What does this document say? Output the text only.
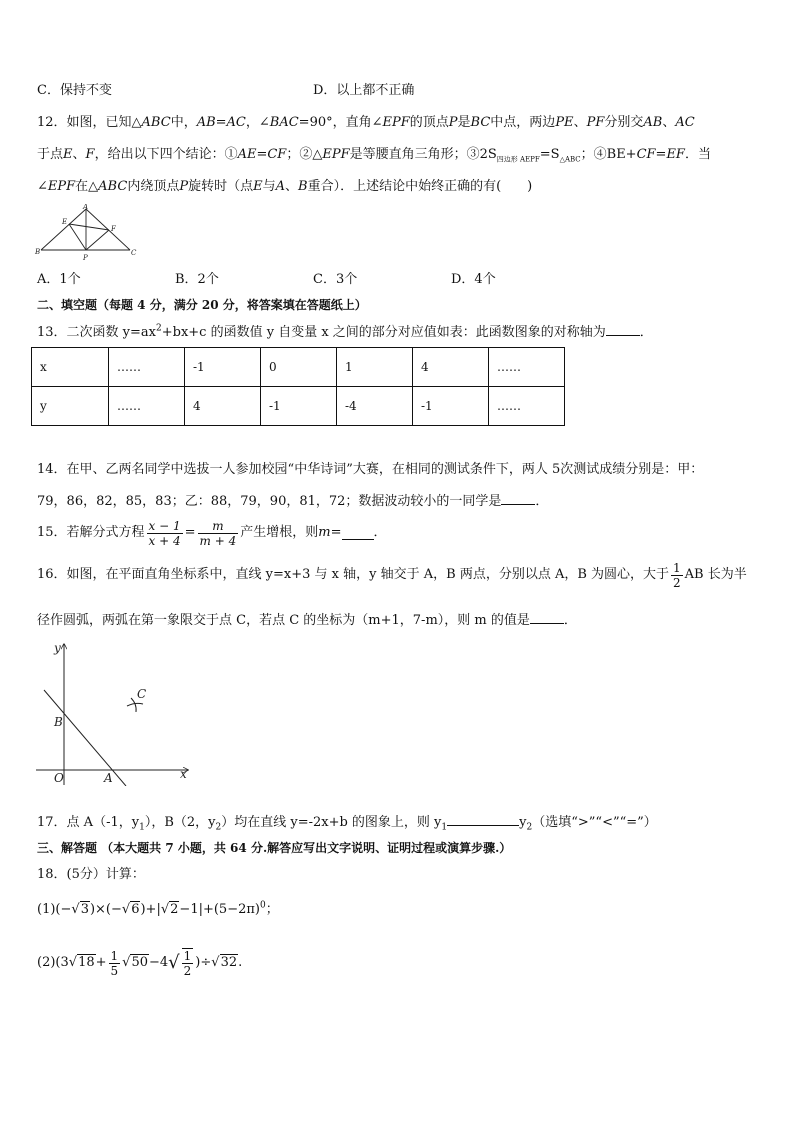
C．保持不变	D．以上都不正确
12．如图，已知△ABC中，AB=AC，∠BAC=90°，直角∠EPF的顶点P是BC中点，两边PE、PF分别交AB、AC
于点E、F，给出以下四个结论：①AE=CF；②△EPF是等腰直角三角形；$③2S_{四边形 AEPF}=S_{\triangle ABC}$；④BE+CF=EF．当
∠EPF在△ABC内绕顶点P旋转时（点E与A、B重合）．上述结论中始终正确的有(　　)
A
E
F
B
P
C
A．1个	B．2个	C．3个	D．4个
二、填空题（每题 4 分，满分 20 分，将答案填在答题纸上）
13．二次函数 $y=ax^2+bx+c$ 的函数值 y 自变量 x 之间的部分对应值如表：此函数图象的对称轴为	．
x	……	-1	0	1	4	……
y	……	4	-1	-4	-1	……
14．在甲、乙两名同学中选拔一人参加校园“中华诗词”大赛，在相同的测试条件下，两人 5次测试成绩分别是：甲：
79，86，82，85，83；乙：88，79，90，81，72；数据波动较小的一同学是	．
15．若解分式方程 $\frac{x - 1}{x + 4} = \frac{m}{m + 4}$ 产生增根，则m= ．
16．如图，在平面直角坐标系中，直线 y=x+3 与 x 轴，y 轴交于 A，B 两点，分别以点 A，B 为圆心，大于 $\frac{1}{2}$ AB 长为半
径作圆弧，两弧在第一象限交于点 C，若点 C 的坐标为（m+1，7-m），则 m 的值是	．
y
x
O	A
B
C
17．点 A（-1，$y_1$），B（2，$y_2$）均在直线 y=-2x+b 的图象上，则 $y_1$	$y_2$（选填“>”“<”“=”）
三、解答题 （本大题共 7 小题，共 64 分.解答应写出文字说明、证明过程或演算步骤.）
18．(5分）计算：
$(1)(-√3)\times(-√6)+|√2-1|+(5-2\pi)^0$；
$(2)(3√18+ \frac{1}{5} √50-4√ \frac{1}{2} )\div√32$.
